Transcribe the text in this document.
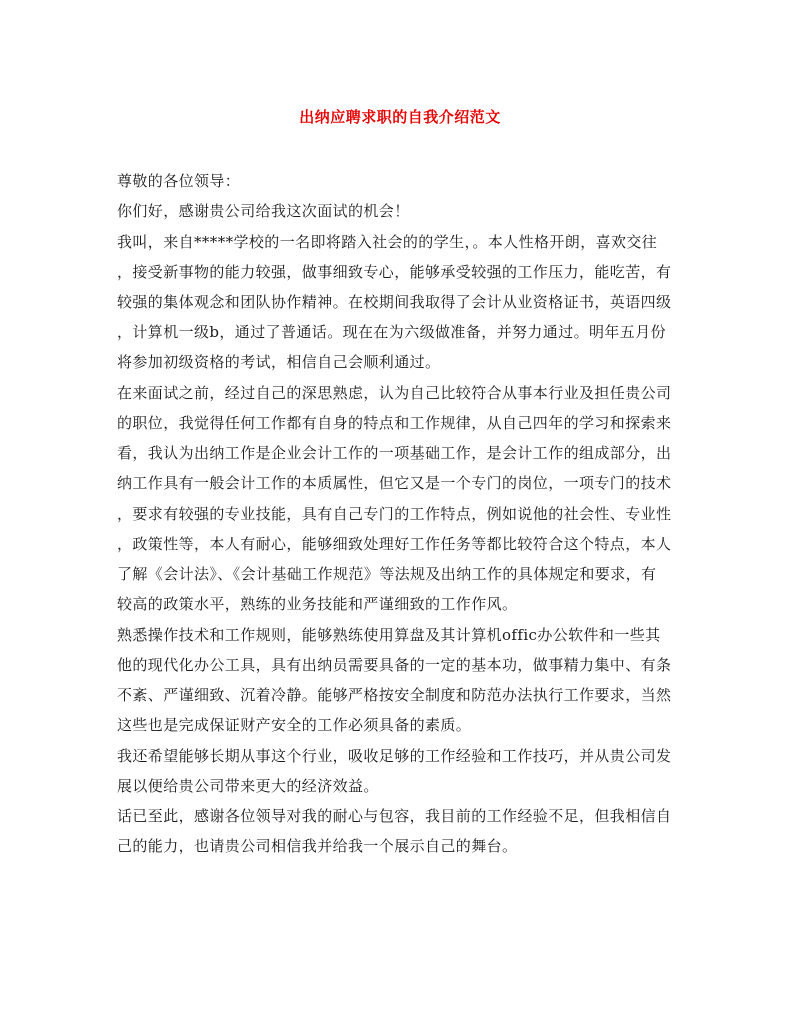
出纳应聘求职的自我介绍范文

尊敬的各位领导：

你们好，感谢贵公司给我这次面试的机会！

我叫，来自*****学校的一名即将踏入社会的的学生，。本人性格开朗，喜欢交往

，接受新事物的能力较强，做事细致专心，能够承受较强的工作压力，能吃苦，有

较强的集体观念和团队协作精神。在校期间我取得了会计从业资格证书，英语四级

，计算机一级b，通过了普通话。现在在为六级做准备，并努力通过。明年五月份

将参加初级资格的考试，相信自己会顺利通过。

在来面试之前，经过自己的深思熟虑，认为自己比较符合从事本行业及担任贵公司

的职位，我觉得任何工作都有自身的特点和工作规律，从自己四年的学习和探索来

看，我认为出纳工作是企业会计工作的一项基础工作，是会计工作的组成部分，出

纳工作具有一般会计工作的本质属性，但它又是一个专门的岗位，一项专门的技术

，要求有较强的专业技能，具有自己专门的工作特点，例如说他的社会性、专业性

，政策性等，本人有耐心，能够细致处理好工作任务等都比较符合这个特点，本人

了解《会计法》、《会计基础工作规范》等法规及出纳工作的具体规定和要求，有

较高的政策水平，熟练的业务技能和严谨细致的工作作风。

熟悉操作技术和工作规则，能够熟练使用算盘及其计算机offic办公软件和一些其

他的现代化办公工具，具有出纳员需要具备的一定的基本功，做事精力集中、有条

不紊、严谨细致、沉着冷静。能够严格按安全制度和防范办法执行工作要求，当然

这些也是完成保证财产安全的工作必须具备的素质。

我还希望能够长期从事这个行业，吸收足够的工作经验和工作技巧，并从贵公司发

展以便给贵公司带来更大的经济效益。

话已至此，感谢各位领导对我的耐心与包容，我目前的工作经验不足，但我相信自

己的能力，也请贵公司相信我并给我一个展示自己的舞台。
